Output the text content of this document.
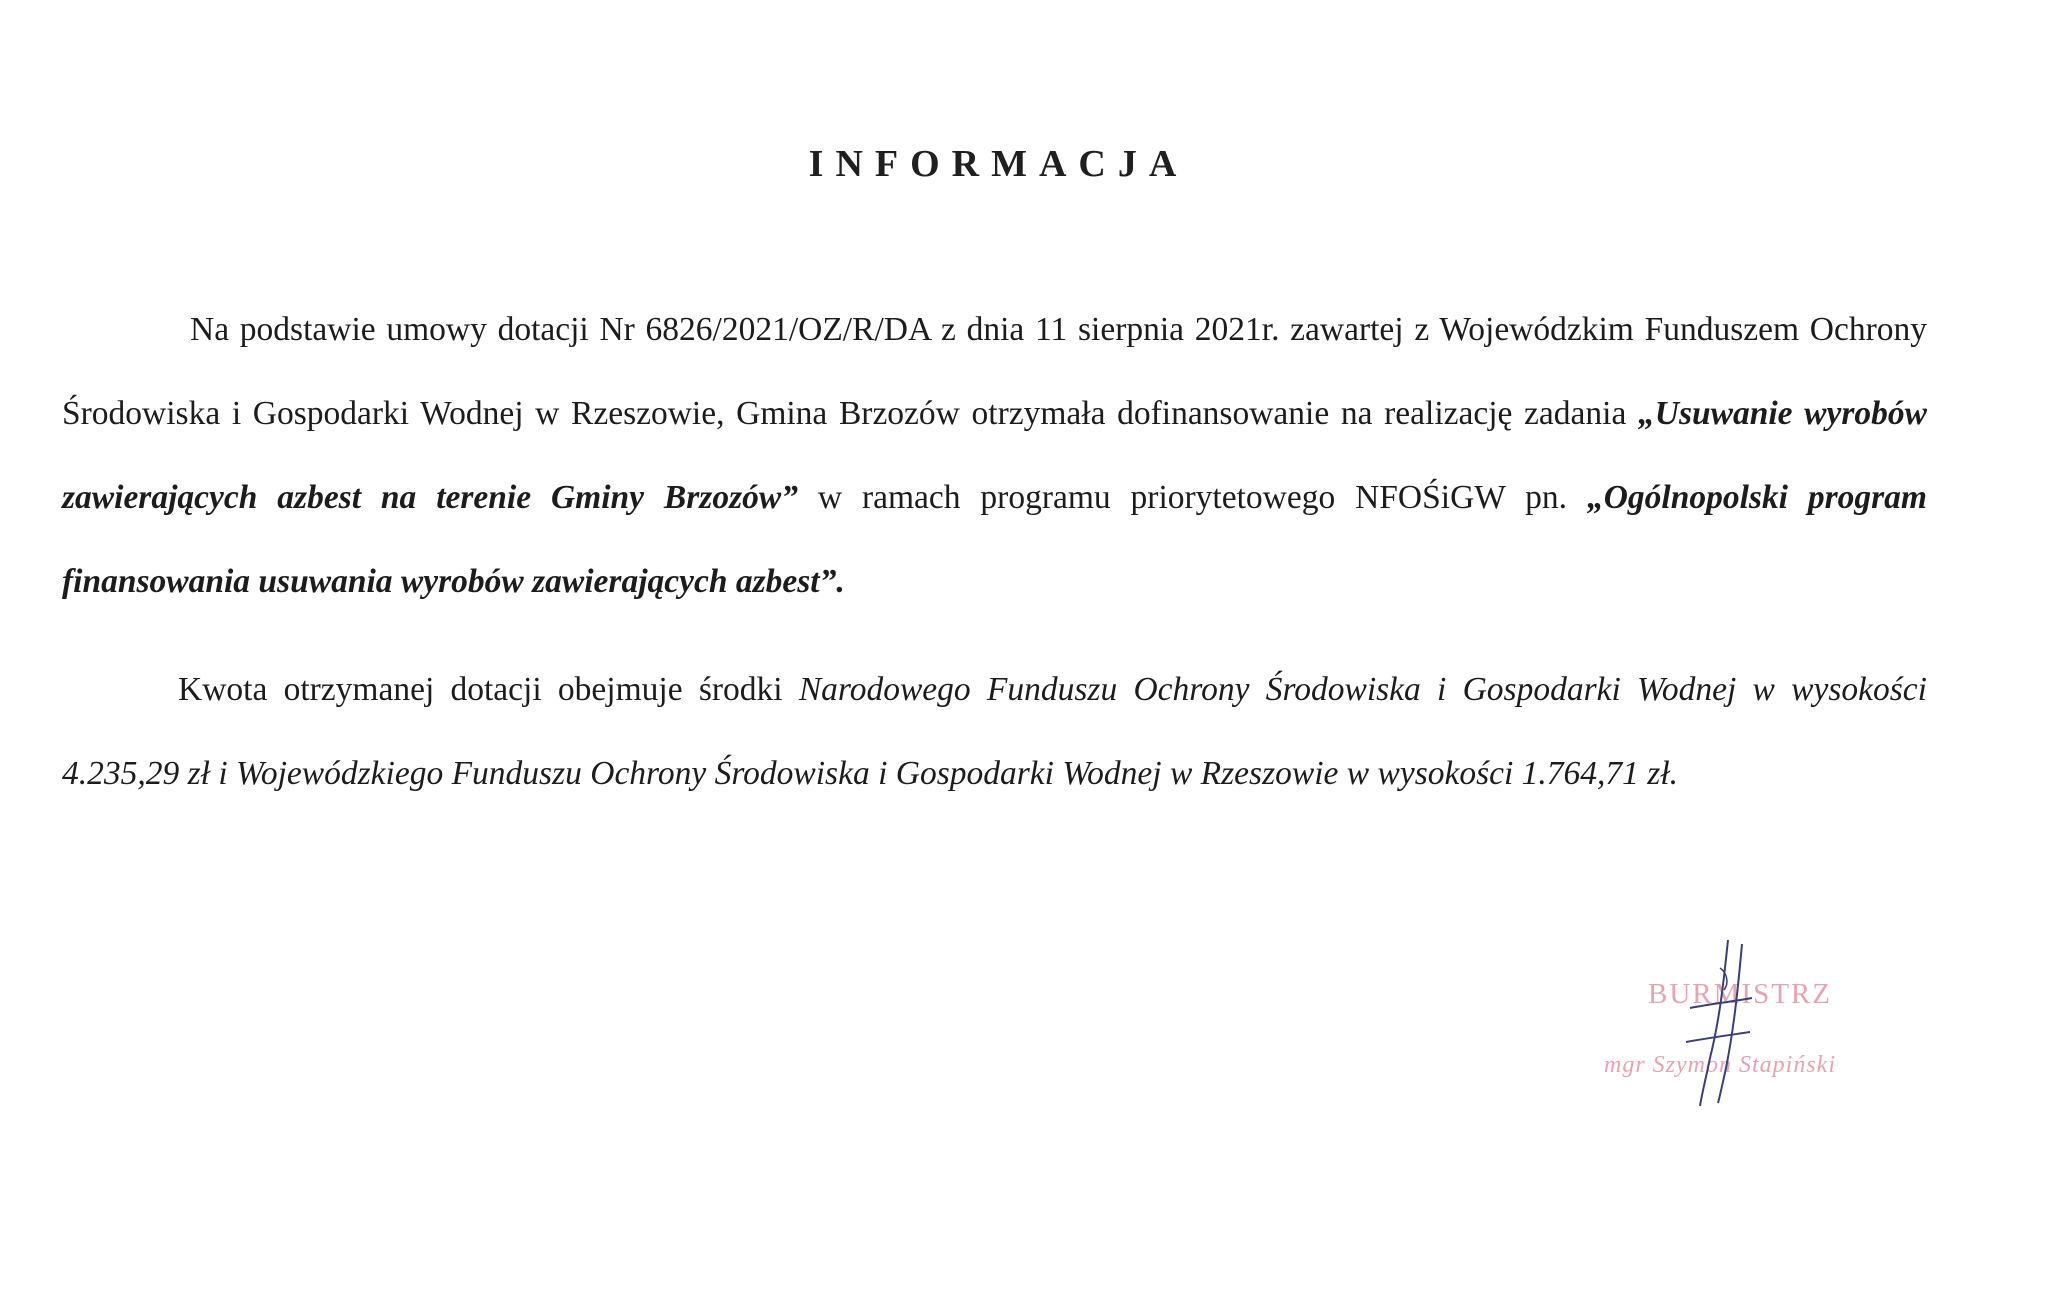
INFORMACJA
Na podstawie umowy dotacji Nr 6826/2021/OZ/R/DA z dnia 11 sierpnia 2021r. zawartej z Wojewódzkim Funduszem Ochrony Środowiska i Gospodarki Wodnej w Rzeszowie, Gmina Brzozów otrzymała dofinansowanie na realizację zadania „Usuwanie wyrobów zawierających azbest na terenie Gminy Brzozów” w ramach programu priorytetowego NFOŚiGW pn. „Ogólnopolski program finansowania usuwania wyrobów zawierających azbest”.
Kwota otrzymanej dotacji obejmuje środki Narodowego Funduszu Ochrony Środowiska i Gospodarki Wodnej w wysokości 4.235,29 zł i Wojewódzkiego Funduszu Ochrony Środowiska i Gospodarki Wodnej w Rzeszowie w wysokości 1.764,71 zł.
BURMISTRZ
mgr Szymon Stapiński
